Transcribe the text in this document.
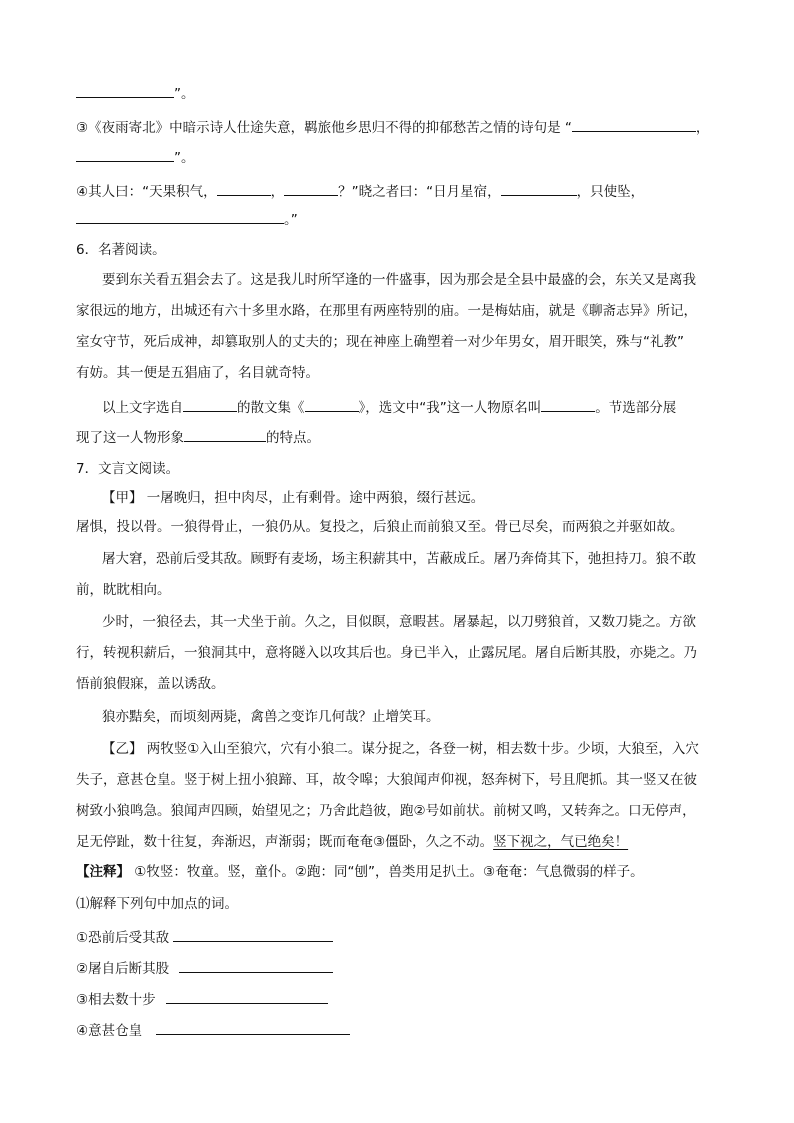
”。
③《夜雨寄北》中暗示诗人仕途失意，羁旅他乡思归不得的抑郁愁苦之情的诗句是 “	，
”。
④其人曰：“天果积气，	，	？”晓之者曰：“日月星宿，	，只使坠，
。”
6．名著阅读。
要到东关看五猖会去了。这是我儿时所罕逢的一件盛事，因为那会是全县中最盛的会，东关又是离我
家很远的地方，出城还有六十多里水路，在那里有两座特别的庙。一是梅姑庙，就是《聊斋志异》所记，
室女守节，死后成神，却篡取别人的丈夫的；现在神座上确塑着一对少年男女，眉开眼笑，殊与“礼教”
有妨。其一便是五猖庙了，名目就奇特。
以上文字选自	的散文集《	》，选文中“我”这一人物原名叫	。节选部分展
现了这一人物形象	的特点。
7．文言文阅读。
【甲】 一屠晚归，担中肉尽，止有剩骨。途中两狼，缀行甚远。
屠惧，投以骨。一狼得骨止，一狼仍从。复投之，后狼止而前狼又至。骨已尽矣，而两狼之并驱如故。
屠大窘，恐前后受其敌。顾野有麦场，场主积薪其中，苫蔽成丘。屠乃奔倚其下，弛担持刀。狼不敢
前，眈眈相向。
少时，一狼径去，其一犬坐于前。久之，目似瞑，意暇甚。屠暴起，以刀劈狼首，又数刀毙之。方欲
行，转视积薪后，一狼洞其中，意将隧入以攻其后也。身已半入，止露尻尾。屠自后断其股，亦毙之。乃
悟前狼假寐，盖以诱敌。
狼亦黠矣，而顷刻两毙，禽兽之变诈几何哉？止增笑耳。
【乙】 两牧竖①入山至狼穴，穴有小狼二。谋分捉之，各登一树，相去数十步。少顷，大狼至，入穴
失子，意甚仓皇。竖于树上扭小狼蹄、耳，故令嗥；大狼闻声仰视，怒奔树下，号且爬抓。其一竖又在彼
树致小狼鸣急。狼闻声四顾，始望见之；乃舍此趋彼，跑②号如前状。前树又鸣，又转奔之。口无停声，
足无停趾，数十往复，奔渐迟，声渐弱；既而奄奄③僵卧，久之不动。竖下视之，气已绝矣！
【注释】 ①牧竖：牧童。竖，童仆。②跑：同“刨”，兽类用足扒土。③奄奄：气息微弱的样子。
⑴解释下列句中加点的词。
①恐前后受其敌
②屠自后断其股
③相去数十步
④意甚仓皇
